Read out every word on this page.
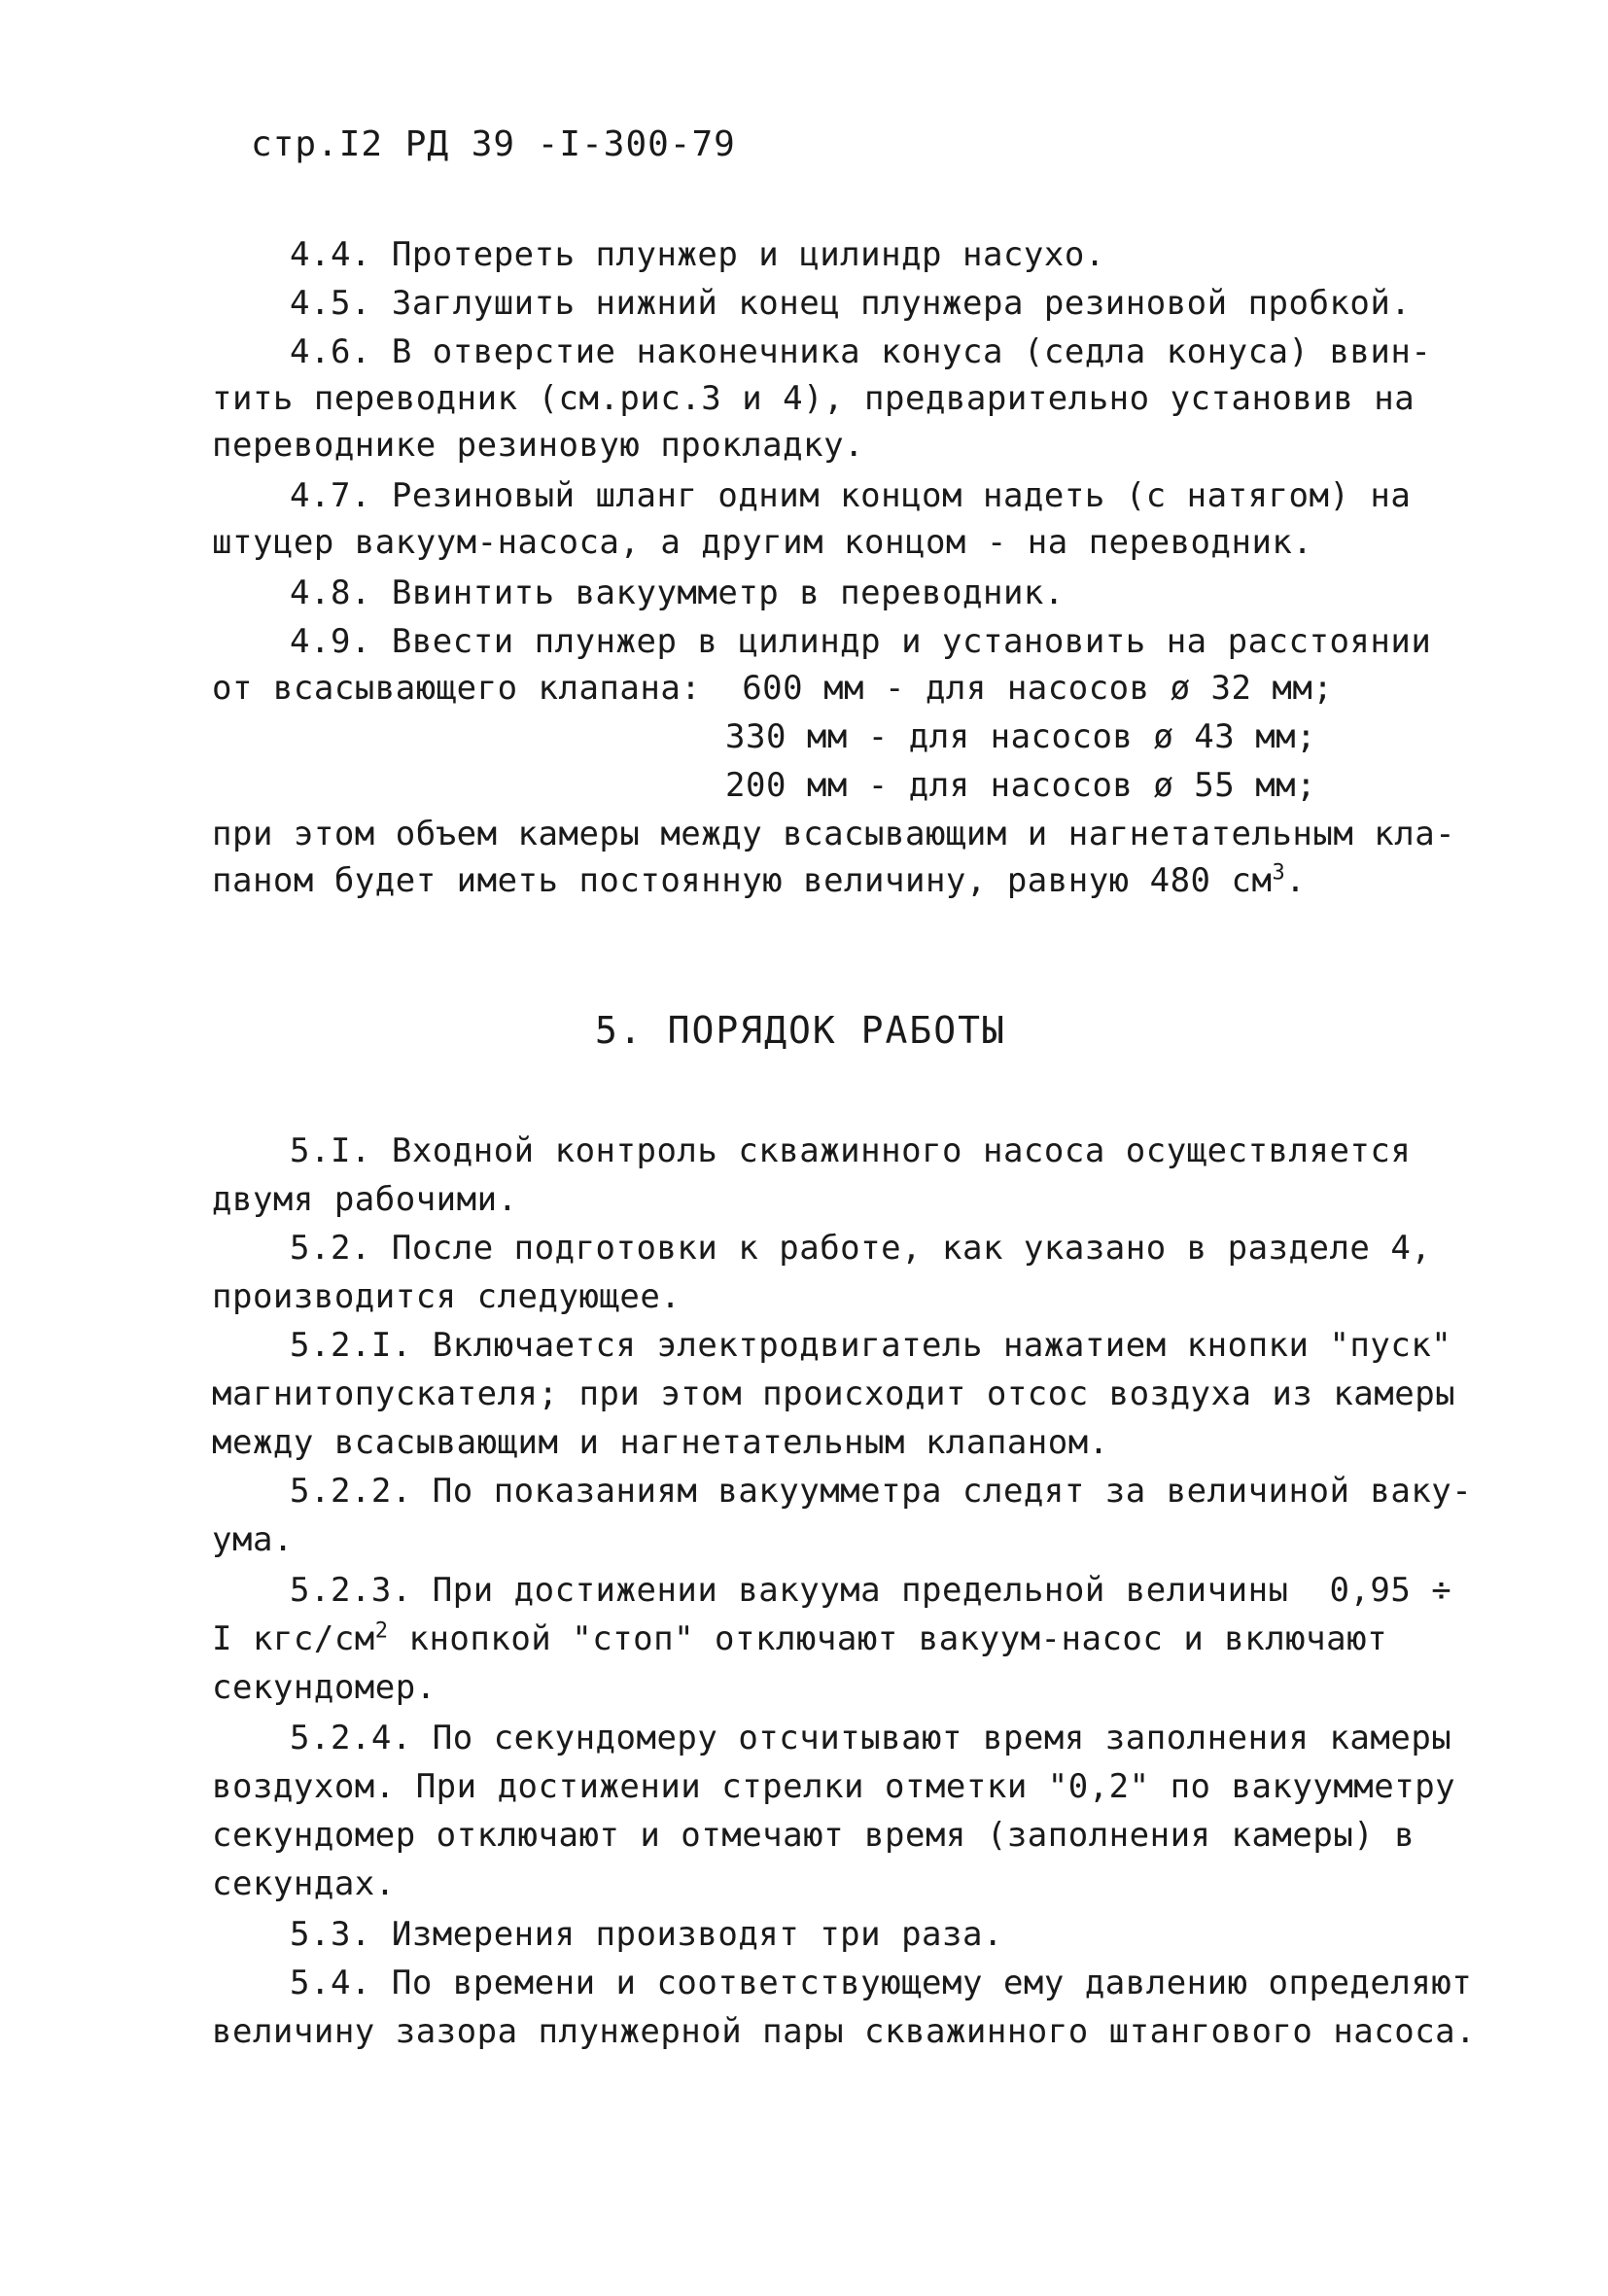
стр.I2 РД 39 -I-300-79
4.4. Протереть плунжер и цилиндр насухо.
4.5. Заглушить нижний конец плунжера резиновой пробкой.
4.6. В отверстие наконечника конуса (седла конуса) ввин-
тить переводник (см.рис.3 и 4), предварительно установив на
переводнике резиновую прокладку.
4.7. Резиновый шланг одним концом надеть (с натягом) на
штуцер вакуум-насоса, а другим концом - на переводник.
4.8. Ввинтить вакуумметр в переводник.
4.9. Ввести плунжер в цилиндр и установить на расстоянии
от всасывающего клапана:  600 мм - для насосов ø 32 мм;
330 мм - для насосов ø 43 мм;
200 мм - для насосов ø 55 мм;
при этом объем камеры между всасывающим и нагнетательным кла-
паном будет иметь постоянную величину, равную 480 $см^3$.
5. ПОРЯДОК РАБОТЫ
5.I. Входной контроль скважинного насоса осуществляется
двумя рабочими.
5.2. После подготовки к работе, как указано в разделе 4,
производится следующее.
5.2.I. Включается электродвигатель нажатием кнопки "пуск"
магнитопускателя; при этом происходит отсос воздуха из камеры
между всасывающим и нагнетательным клапаном.
5.2.2. По показаниям вакуумметра следят за величиной ваку-
ума.
5.2.3. При достижении вакуума предельной величины  0,95 ÷
I кгс/$см^2$ кнопкой "стоп" отключают вакуум-насос и включают
секундомер.
5.2.4. По секундомеру отсчитывают время заполнения камеры
воздухом. При достижении стрелки отметки "0,2" по вакуумметру
секундомер отключают и отмечают время (заполнения камеры) в
секундах.
5.3. Измерения производят три раза.
5.4. По времени и соответствующему ему давлению определяют
величину зазора плунжерной пары скважинного штангового насоса.
